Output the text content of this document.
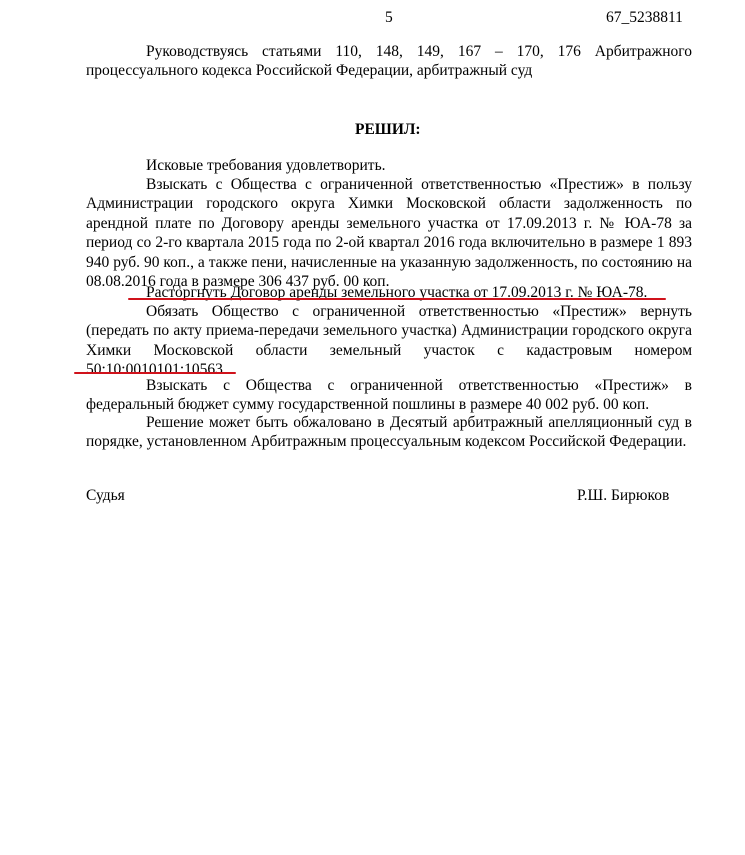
5	67_5238811
Руководствуясь статьями 110, 148, 149, 167 – 170, 176 Арбитражного процессуального кодекса Российской Федерации, арбитражный суд
РЕШИЛ:
Исковые требования удовлетворить.
Взыскать с Общества с ограниченной ответственностью «Престиж» в пользу Администрации городского округа Химки Московской области задолженность по арендной плате по Договору аренды земельного участка от 17.09.2013 г. № ЮА-78 за период со 2-го квартала 2015 года по 2-ой квартал 2016 года включительно в размере 1 893 940 руб. 90 коп., а также пени, начисленные на указанную задолженность, по состоянию на 08.08.2016 года в размере 306 437 руб. 00 коп.
Расторгнуть Договор аренды земельного участка от 17.09.2013 г. № ЮА-78.
Обязать Общество с ограниченной ответственностью «Престиж» вернуть (передать по акту приема-передачи земельного участка) Администрации городского округа Химки Московской области земельный участок с кадастровым номером 50:10:0010101:10563.
Взыскать с Общества с ограниченной ответственностью «Престиж» в федеральный бюджет сумму государственной пошлины в размере 40 002 руб. 00 коп.
Решение может быть обжаловано в Десятый арбитражный апелляционный суд в порядке, установленном Арбитражным процессуальным кодексом Российской Федерации.
Судья	Р.Ш. Бирюков
